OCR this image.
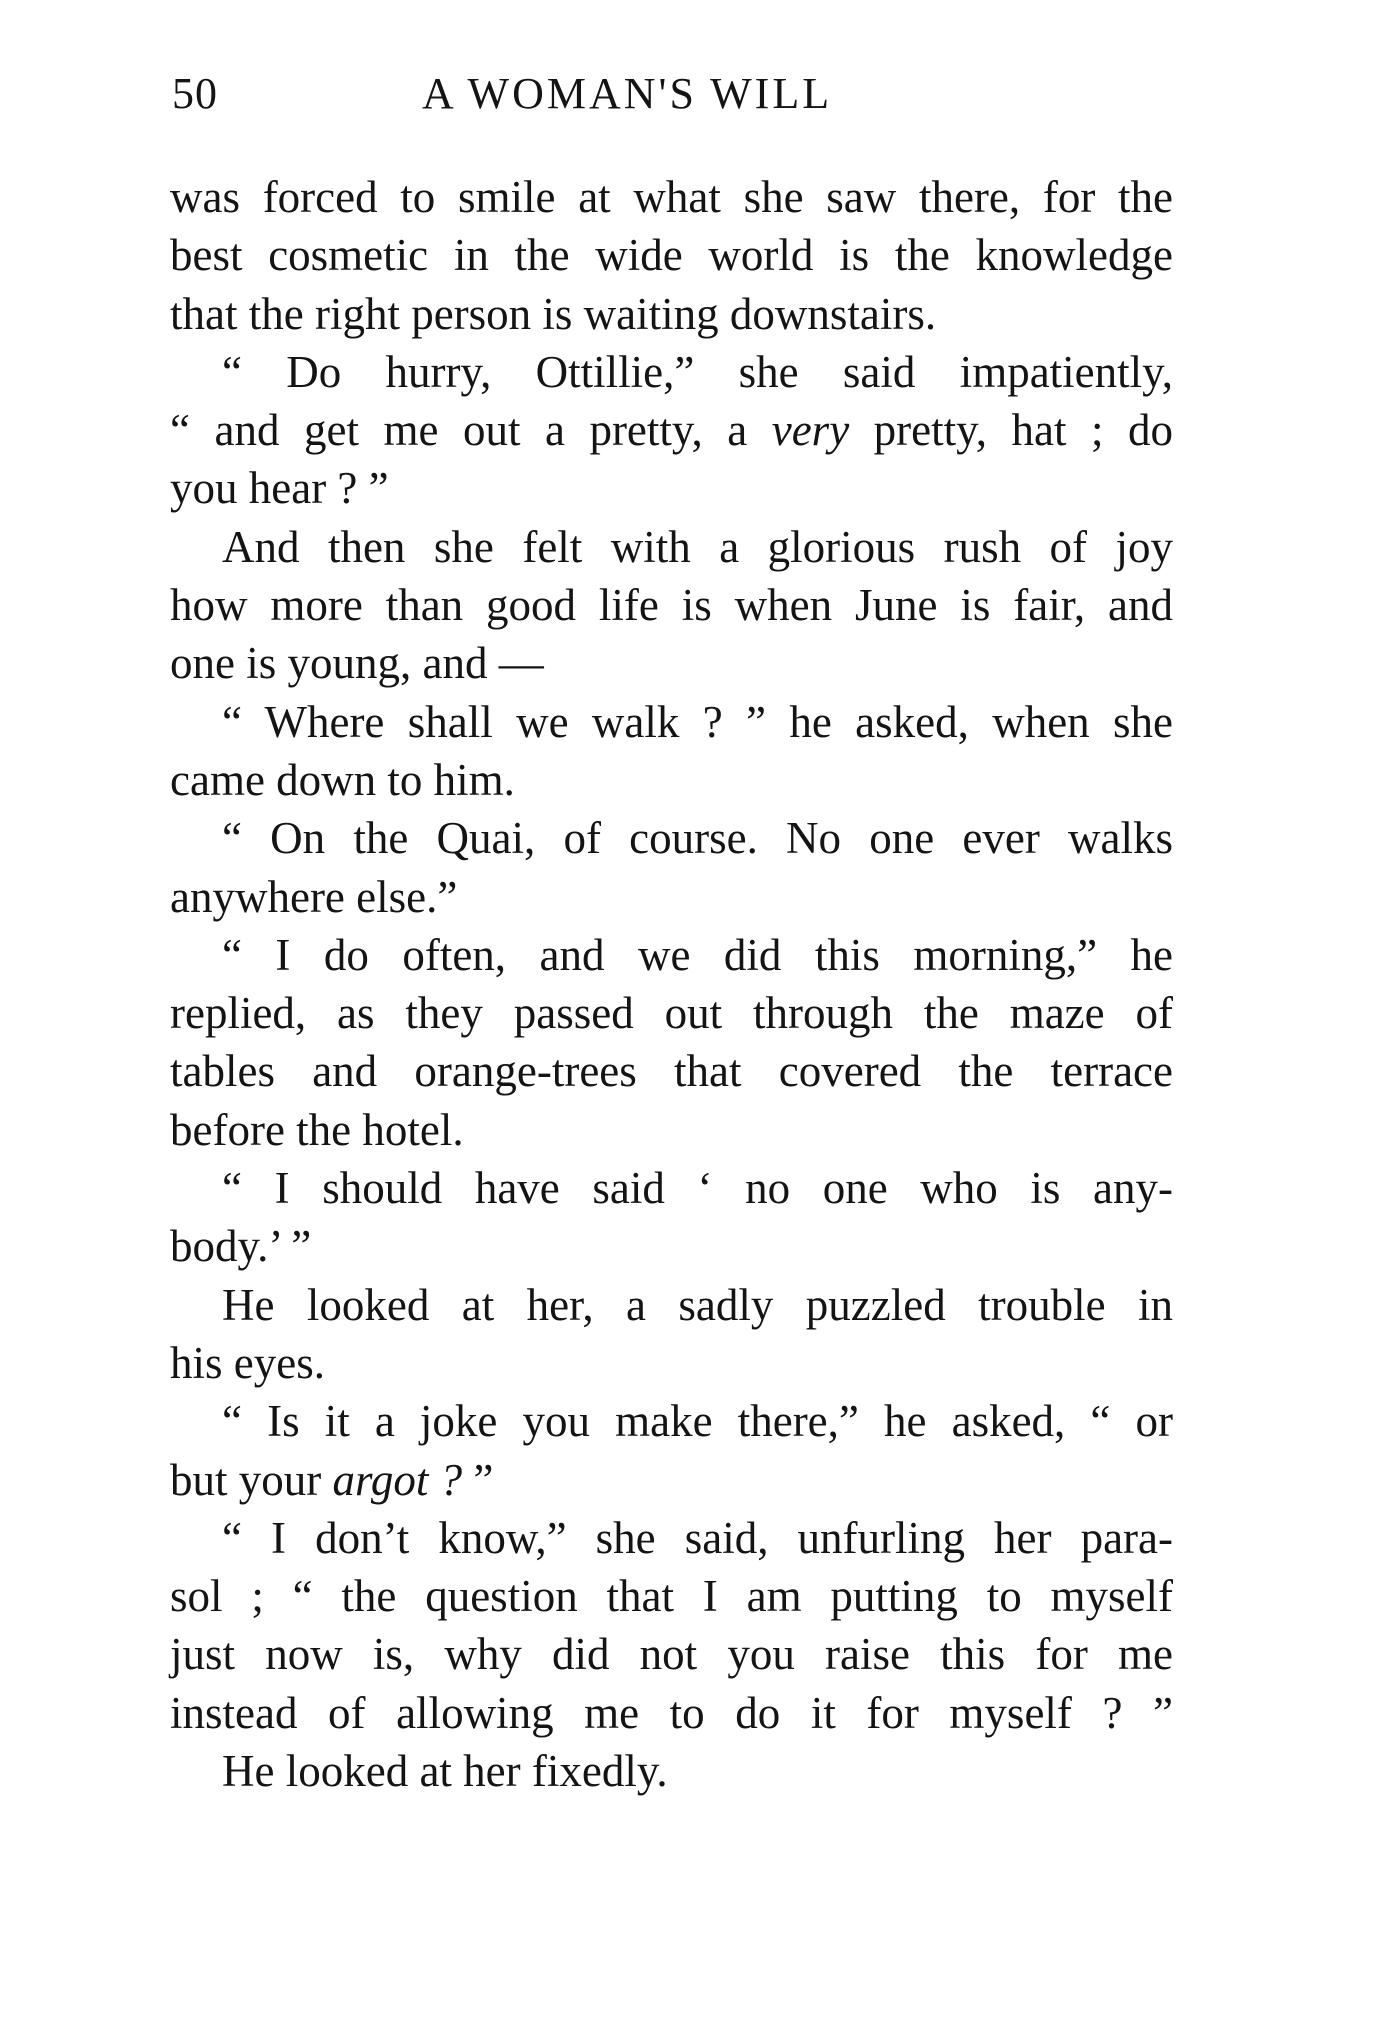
50	A WOMAN'S WILL
was forced to smile at what she saw there, for the
best cosmetic in the wide world is the knowledge
that the right person is waiting downstairs.
“ Do hurry, Ottillie,” she said impatiently,
“ and get me out a pretty, a very pretty, hat ; do
you hear ? ”
And then she felt with a glorious rush of joy
how more than good life is when June is fair, and
one is young, and —
“ Where shall we walk ? ” he asked, when she
came down to him.
“ On the Quai, of course. No one ever walks
anywhere else.”
“ I do often, and we did this morning,” he
replied, as they passed out through the maze of
tables and orange-trees that covered the terrace
before the hotel.
“ I should have said ‘ no one who is any-
body.’ ”
He looked at her, a sadly puzzled trouble in
his eyes.
“ Is it a joke you make there,” he asked, “ or
but your argot ? ”
“ I don’t know,” she said, unfurling her para-
sol ; “ the question that I am putting to myself
just now is, why did not you raise this for me
instead of allowing me to do it for myself ? ”
He looked at her fixedly.
